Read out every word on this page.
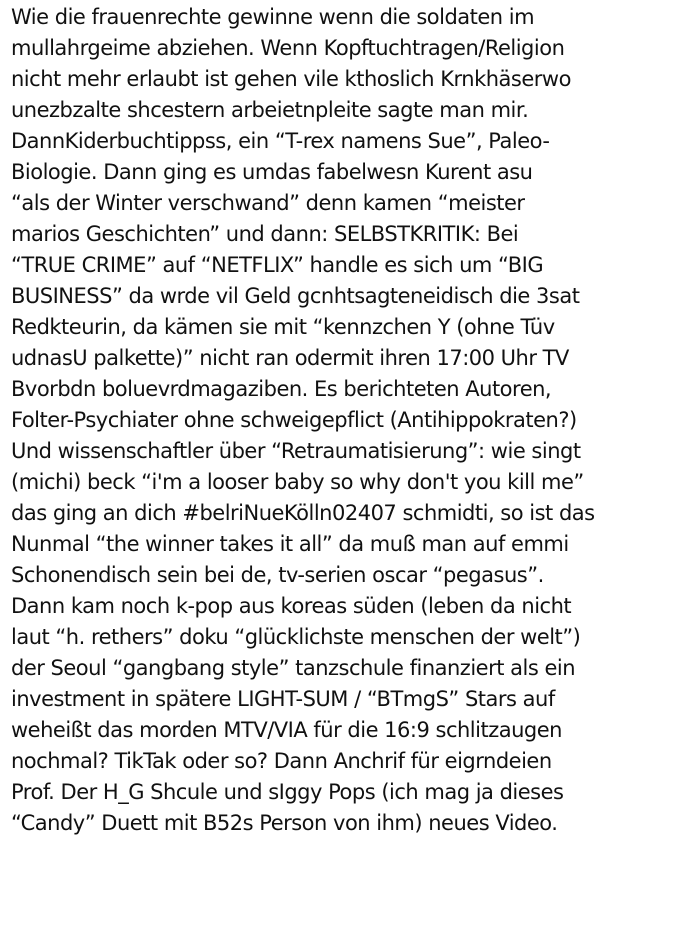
Wie die frauenrechte gewinne wenn die soldaten im
mullahrgeime abziehen. Wenn Kopftuchtragen/Religion
nicht mehr erlaubt ist gehen vile kthoslich Krnkhäserwo
unezbzalte shcestern arbeietnpleite sagte man mir.
DannKiderbuchtippss, ein “T-rex namens Sue”, Paleo-
Biologie. Dann ging es umdas fabelwesn Kurent asu
“als der Winter verschwand” denn kamen “meister
marios Geschichten” und dann: SELBSTKRITIK: Bei
“TRUE CRIME” auf “NETFLIX” handle es sich um “BIG
BUSINESS” da wrde vil Geld gcnhtsagteneidisch die 3sat
Redkteurin, da kämen sie mit “kennzchen Y (ohne Tüv
udnasU palkette)” nicht ran odermit ihren 17:00 Uhr TV
Bvorbdn boluevrdmagaziben. Es berichteten Autoren,
Folter-Psychiater ohne schweigepflict (Antihippokraten?)
Und wissenschaftler über “Retraumatisierung”: wie singt
(michi) beck “i'm a looser baby so why don't you kill me”
das ging an dich #belriNueKölln02407 schmidti, so ist das
Nunmal “the winner takes it all” da muß man auf emmi
Schonendisch sein bei de, tv-serien oscar “pegasus”.
Dann kam noch k-pop aus koreas süden (leben da nicht
laut “h. rethers” doku “glücklichste menschen der welt”)
der Seoul “gangbang style” tanzschule finanziert als ein
investment in spätere LIGHT-SUM / “BTmgS” Stars auf
weheißt das morden MTV/VIA für die 16:9 schlitzaugen
nochmal? TikTak oder so? Dann Anchrif für eigrndeien
Prof. Der H_G Shcule und sIggy Pops (ich mag ja dieses
“Candy” Duett mit B52s Person von ihm) neues Video.
